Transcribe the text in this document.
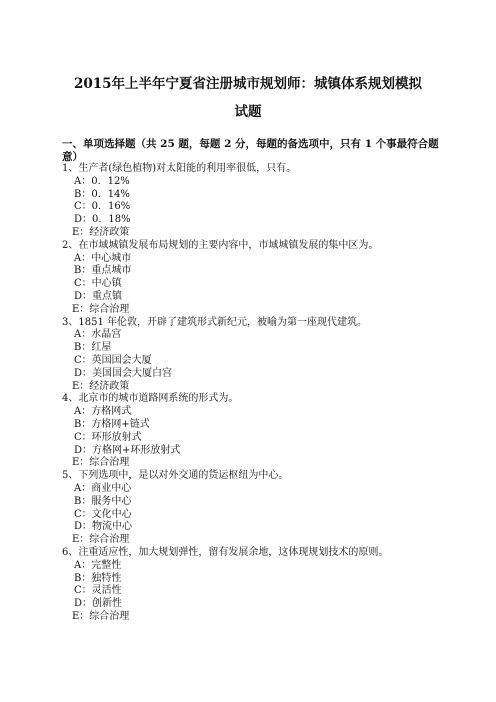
2015年上半年宁夏省注册城市规划师：城镇体系规划模拟
试题
一、单项选择题（共 25 题，每题 2 分，每题的备选项中，只有 1 个事最符合题意）
1、生产者(绿色植物)对太阳能的利用率很低，只有。
A：0．12%
B：0．14%
C：0．16%
D：0．18%
E：经济政策
2、在市域城镇发展布局规划的主要内容中，市域城镇发展的集中区为。
A：中心城市
B：重点城市
C：中心镇
D：重点镇
E：综合治理
3、1851 年伦敦，开辟了建筑形式新纪元，被喻为第一座现代建筑。
A：水晶宫
B：红屋
C：英国国会大厦
D：美国国会大厦白宫
E：经济政策
4、北京市的城市道路网系统的形式为。
A：方格网式
B：方格网+链式
C：环形放射式
D：方格网+环形放射式
E：综合治理
5、下列选项中，是以对外交通的货运枢纽为中心。
A：商业中心
B：服务中心
C：文化中心
D：物流中心
E：综合治理
6、注重适应性，加大规划弹性，留有发展余地，这体现规划技术的原则。
A：完整性
B：独特性
C：灵活性
D：创新性
E：综合治理
